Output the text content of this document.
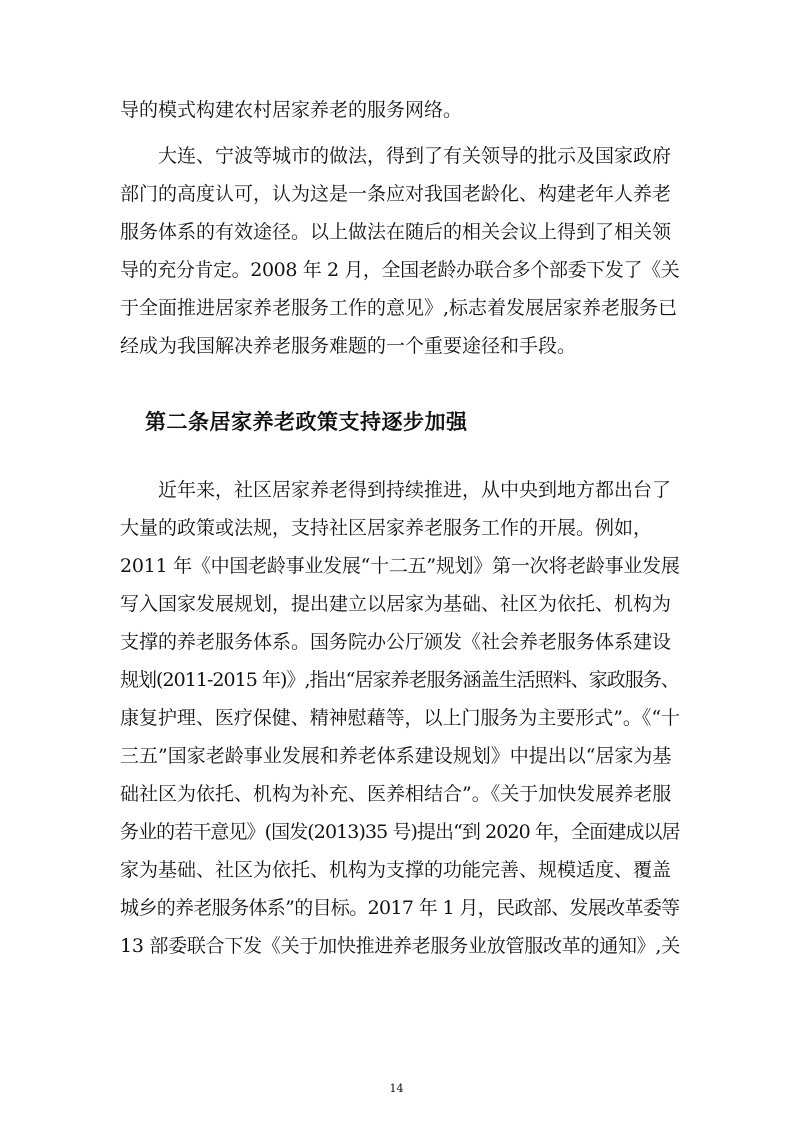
导的模式构建农村居家养老的服务网络。
大连、宁波等城市的做法，得到了有关领导的批示及国家政府
部门的高度认可，认为这是一条应对我国老龄化、构建老年人养老
服务体系的有效途径。以上做法在随后的相关会议上得到了相关领
导的充分肯定。2008 年 2 月，全国老龄办联合多个部委下发了《关
于全面推进居家养老服务工作的意见》,标志着发展居家养老服务已
经成为我国解决养老服务难题的一个重要途径和手段。
第二条居家养老政策支持逐步加强
近年来，社区居家养老得到持续推进，从中央到地方都出台了
大量的政策或法规，支持社区居家养老服务工作的开展。例如，
2011 年《中国老龄事业发展“十二五”规划》第一次将老龄事业发展
写入国家发展规划，提出建立以居家为基础、社区为依托、机构为
支撑的养老服务体系。国务院办公厅颁发《社会养老服务体系建设
规划(2011-2015 年)》,指出“居家养老服务涵盖生活照料、家政服务、
康复护理、医疗保健、精神慰藉等，以上门服务为主要形式”。《“十
三五”国家老龄事业发展和养老体系建设规划》中提出以“居家为基
础社区为依托、机构为补充、医养相结合”。《关于加快发展养老服
务业的若干意见》(国发(2013)35 号)提出“到 2020 年，全面建成以居
家为基础、社区为依托、机构为支撑的功能完善、规模适度、覆盖
城乡的养老服务体系”的目标。2017 年 1 月，民政部、发展改革委等
13 部委联合下发《关于加快推进养老服务业放管服改革的通知》,关
14
